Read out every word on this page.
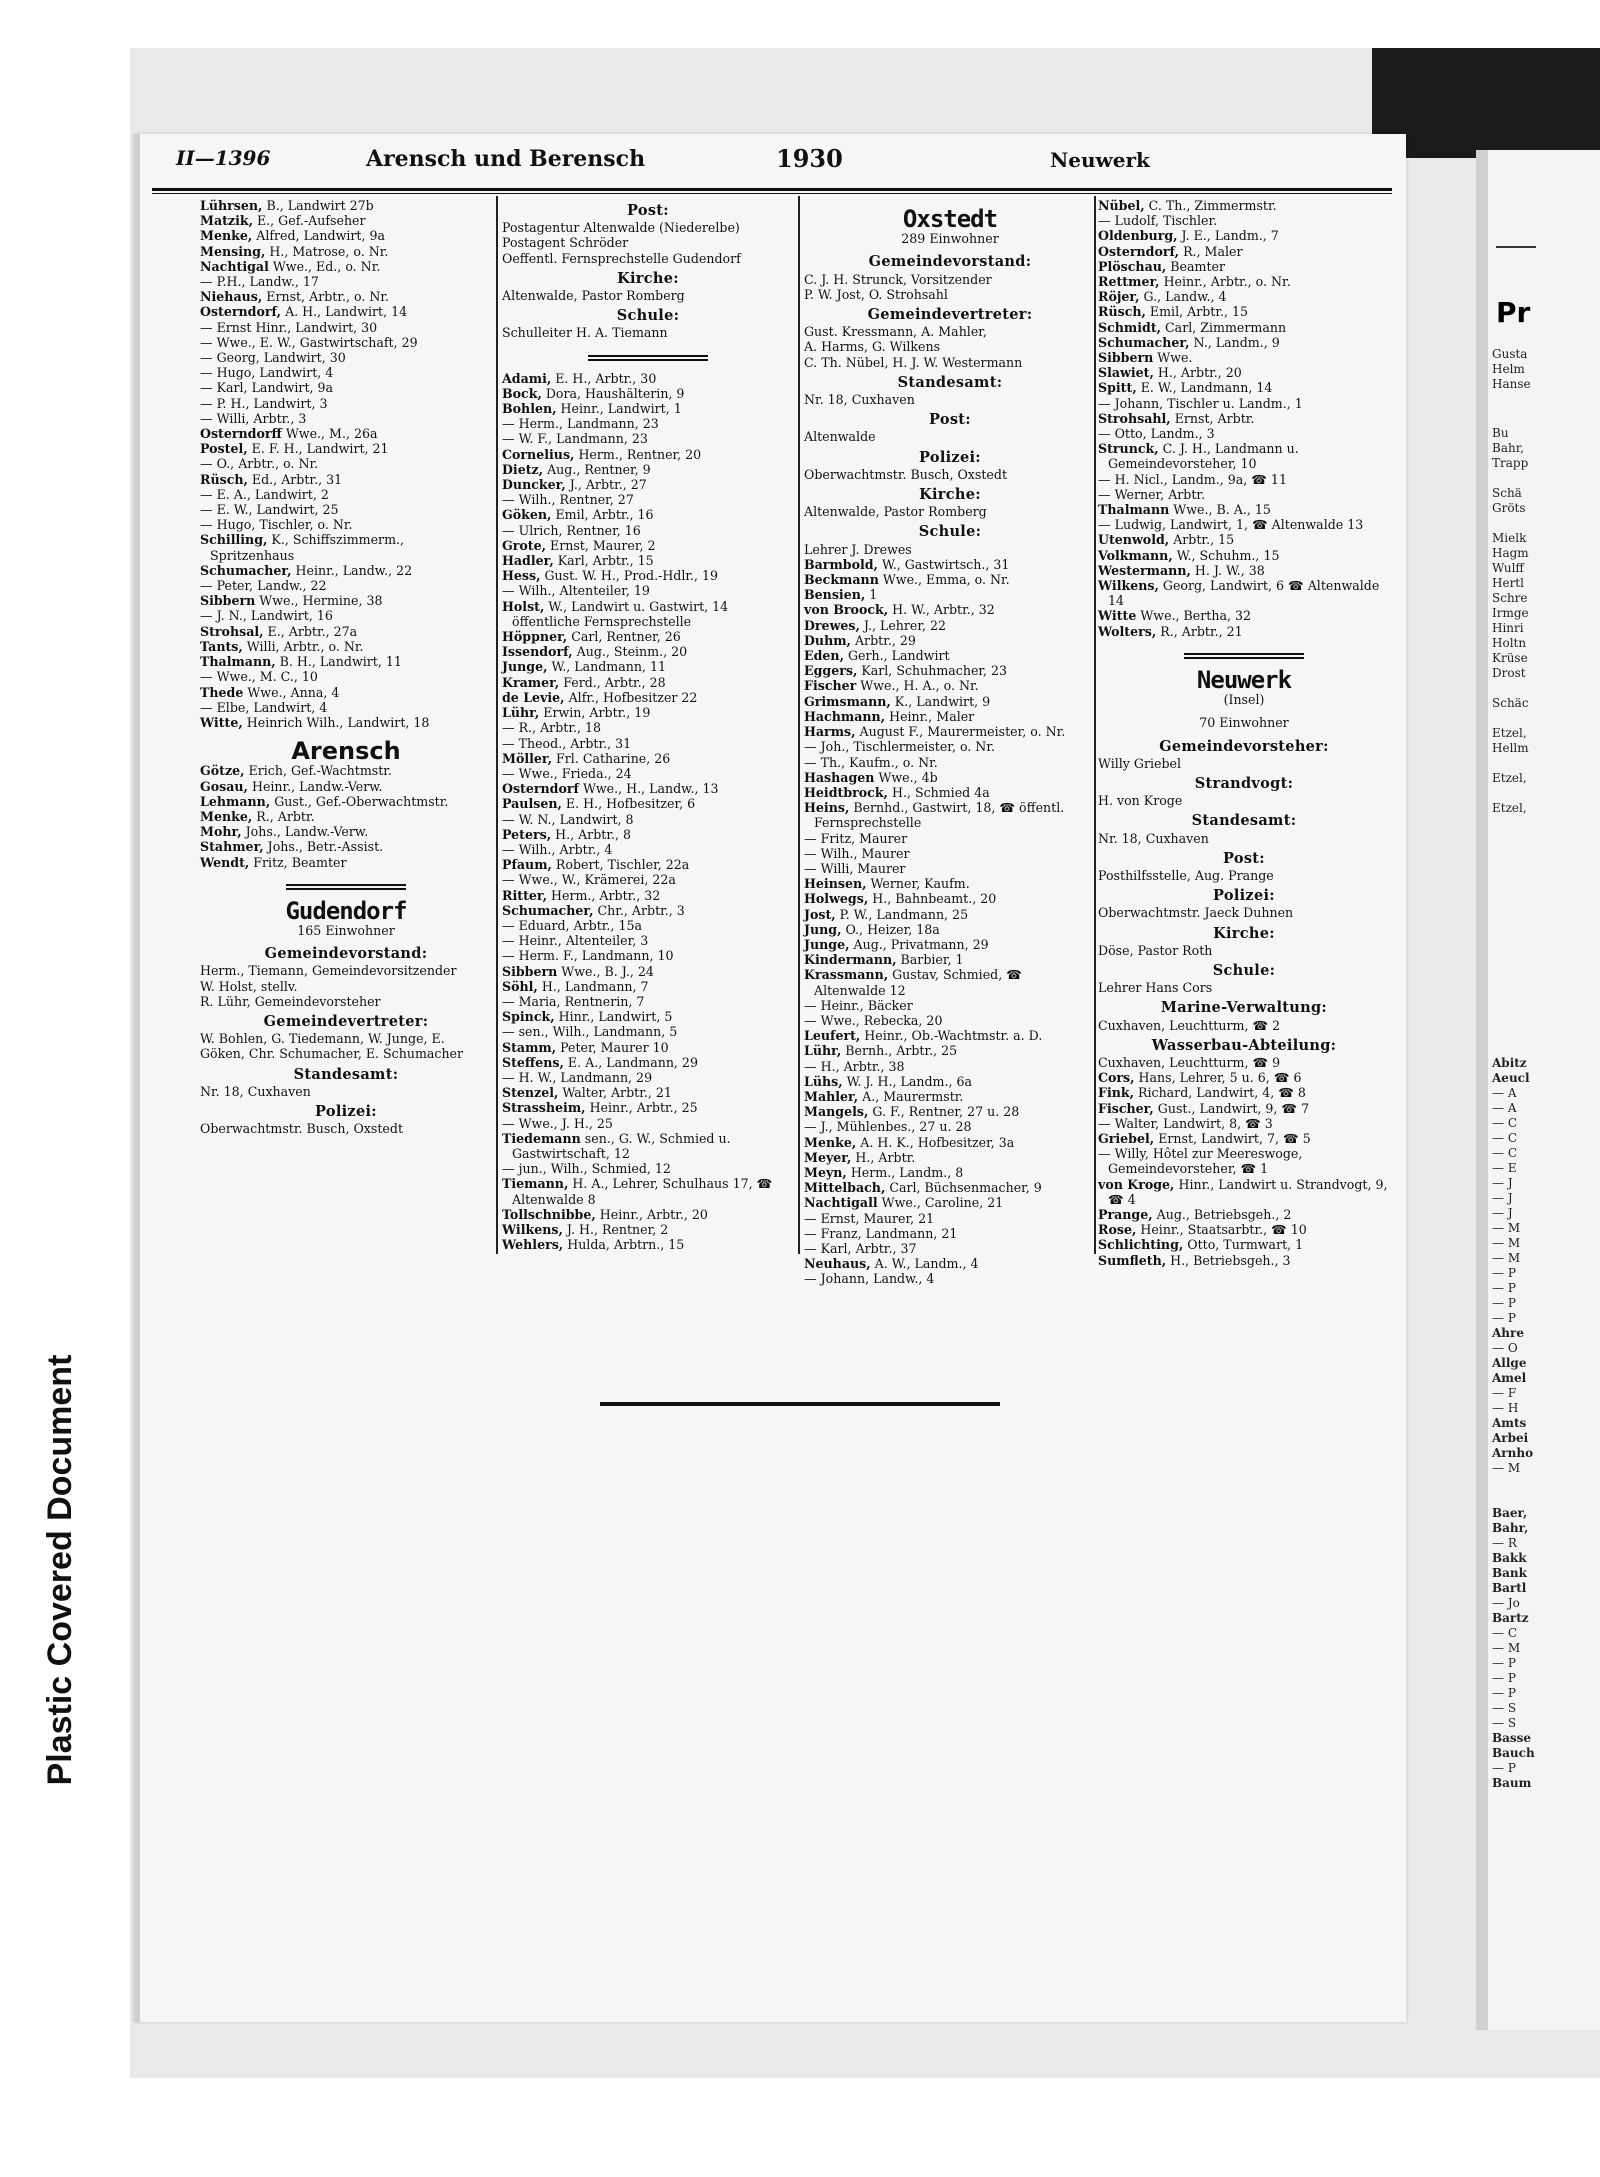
Plastic Covered Document
Pr
Gusta
Helm
Hanse
Bu
Bahr,
Trapp

Schä
Gröts

Mielk
Hagm
Wulff
Hertl
Schre
Irmge
Hinri
Holtn
Krüse
Drost

Schäc

Etzel,
Hellm

Etzel,

Etzel,
Abitz
Aeucl
— A
— A
— C
— C
— C
— E
— J
— J
— J
— M
— M
— M
— P
— P
— P
— P
Ahre
— O
Allge
Amel
— F
— H
Amts
Arbei
Arnho
— M

Baer,
Bahr,
— R
Bakk
Bank
Bartl
— Jo
Bartz
— C
— M
— P
— P
— P
— S
— S
Basse
Bauch
— P
Baum
II—1396	Arensch und Berensch	1930	Neuwerk

Lührsen, B., Landwirt 27b

Matzik, E., Gef.-Aufseher

Menke, Alfred, Landwirt, 9a

Mensing, H., Matrose, o. Nr.

Nachtigal Wwe., Ed., o. Nr.

— P.H., Landw., 17

Niehaus, Ernst, Arbtr., o. Nr.

Osterndorf, A. H., Landwirt, 14

— Ernst Hinr., Landwirt, 30

— Wwe., E. W., Gastwirtschaft, 29

— Georg, Landwirt, 30

— Hugo, Landwirt, 4

— Karl, Landwirt, 9a

— P. H., Landwirt, 3

— Willi, Arbtr., 3

Osterndorff Wwe., M., 26a

Postel, E. F. H., Landwirt, 21

— O., Arbtr., o. Nr.

Rüsch, Ed., Arbtr., 31

— E. A., Landwirt, 2

— E. W., Landwirt, 25

— Hugo, Tischler, o. Nr.

Schilling, K., Schiffszimmerm., Spritzenhaus

Schumacher, Heinr., Landw., 22

— Peter, Landw., 22

Sibbern Wwe., Hermine, 38

— J. N., Landwirt, 16

Strohsal, E., Arbtr., 27a

Tants, Willi, Arbtr., o. Nr.

Thalmann, B. H., Landwirt, 11

— Wwe., M. C., 10

Thede Wwe., Anna, 4

— Elbe, Landwirt, 4

Witte, Heinrich Wilh., Landwirt, 18

Arensch

Götze, Erich, Gef.-Wachtmstr.

Gosau, Heinr., Landw.-Verw.

Lehmann, Gust., Gef.-Oberwachtmstr.

Menke, R., Arbtr.

Mohr, Johs., Landw.-Verw.

Stahmer, Johs., Betr.-Assist.

Wendt, Fritz, Beamter

Gudendorf
165 Einwohner
Gemeindevorstand:

Herm., Tiemann, Gemeindevorsitzender

W. Holst, stellv.

R. Lühr, Gemeindevorsteher

Gemeindevertreter:

W. Bohlen, G. Tiedemann, W. Junge, E. Göken, Chr. Schumacher, E. Schumacher

Standesamt:

Nr. 18, Cuxhaven

Polizei:

Oberwachtmstr. Busch, Oxstedt

Post:

Postagentur Altenwalde (Niederelbe)

Postagent Schröder

Oeffentl. Fernsprechstelle Gudendorf

Kirche:

Altenwalde, Pastor Romberg

Schule:

Schulleiter H. A. Tiemann

Adami, E. H., Arbtr., 30

Bock, Dora, Haushälterin, 9

Bohlen, Heinr., Landwirt, 1

— Herm., Landmann, 23

— W. F., Landmann, 23

Cornelius, Herm., Rentner, 20

Dietz, Aug., Rentner, 9

Duncker, J., Arbtr., 27

— Wilh., Rentner, 27

Göken, Emil, Arbtr., 16

— Ulrich, Rentner, 16

Grote, Ernst, Maurer, 2

Hadler, Karl, Arbtr., 15

Hess, Gust. W. H., Prod.-Hdlr., 19

— Wilh., Altenteiler, 19

Holst, W., Landwirt u. Gastwirt, 14 öffentliche Fernsprechstelle

Höppner, Carl, Rentner, 26

Issendorf, Aug., Steinm., 20

Junge, W., Landmann, 11

Kramer, Ferd., Arbtr., 28

de Levie, Alfr., Hofbesitzer 22

Lühr, Erwin, Arbtr., 19

— R., Arbtr., 18

— Theod., Arbtr., 31

Möller, Frl. Catharine, 26

— Wwe., Frieda., 24

Osterndorf Wwe., H., Landw., 13

Paulsen, E. H., Hofbesitzer, 6

— W. N., Landwirt, 8

Peters, H., Arbtr., 8

— Wilh., Arbtr., 4

Pfaum, Robert, Tischler, 22a

— Wwe., W., Krämerei, 22a

Ritter, Herm., Arbtr., 32

Schumacher, Chr., Arbtr., 3

— Eduard, Arbtr., 15a

— Heinr., Altenteiler, 3

— Herm. F., Landmann, 10

Sibbern Wwe., B. J., 24

Söhl, H., Landmann, 7

— Maria, Rentnerin, 7

Spinck, Hinr., Landwirt, 5

— sen., Wilh., Landmann, 5

Stamm, Peter, Maurer 10

Steffens, E. A., Landmann, 29

— H. W., Landmann, 29

Stenzel, Walter, Arbtr., 21

Strassheim, Heinr., Arbtr., 25

— Wwe., J. H., 25

Tiedemann sen., G. W., Schmied u. Gastwirtschaft, 12

— jun., Wilh., Schmied, 12

Tiemann, H. A., Lehrer, Schulhaus 17, ☎ Altenwalde 8

Tollschnibbe, Heinr., Arbtr., 20

Wilkens, J. H., Rentner, 2

Wehlers, Hulda, Arbtrn., 15

Oxstedt
289 Einwohner
Gemeindevorstand:

C. J. H. Strunck, Vorsitzender

P. W. Jost, O. Strohsahl

Gemeindevertreter:

Gust. Kressmann, A. Mahler,

A. Harms, G. Wilkens

C. Th. Nübel, H. J. W. Westermann

Standesamt:

Nr. 18, Cuxhaven

Post:

Altenwalde

Polizei:

Oberwachtmstr. Busch, Oxstedt

Kirche:

Altenwalde, Pastor Romberg

Schule:

Lehrer J. Drewes

Barmbold, W., Gastwirtsch., 31

Beckmann Wwe., Emma, o. Nr.

Bensien, 1

von Broock, H. W., Arbtr., 32

Drewes, J., Lehrer, 22

Duhm, Arbtr., 29

Eden, Gerh., Landwirt

Eggers, Karl, Schuhmacher, 23

Fischer Wwe., H. A., o. Nr.

Grimsmann, K., Landwirt, 9

Hachmann, Heinr., Maler

Harms, August F., Maurermeister, o. Nr.

— Joh., Tischlermeister, o. Nr.

— Th., Kaufm., o. Nr.

Hashagen Wwe., 4b

Heidtbrock, H., Schmied 4a

Heins, Bernhd., Gastwirt, 18, ☎ öffentl. Fernsprechstelle

— Fritz, Maurer

— Wilh., Maurer

— Willi, Maurer

Heinsen, Werner, Kaufm.

Holwegs, H., Bahnbeamt., 20

Jost, P. W., Landmann, 25

Jung, O., Heizer, 18a

Junge, Aug., Privatmann, 29

Kindermann, Barbier, 1

Krassmann, Gustav, Schmied, ☎ Altenwalde 12

— Heinr., Bäcker

— Wwe., Rebecka, 20

Leufert, Heinr., Ob.-Wachtmstr. a. D.

Lühr, Bernh., Arbtr., 25

— H., Arbtr., 38

Lühs, W. J. H., Landm., 6a

Mahler, A., Maurermstr.

Mangels, G. F., Rentner, 27 u. 28

— J., Mühlenbes., 27 u. 28

Menke, A. H. K., Hofbesitzer, 3a

Meyer, H., Arbtr.

Meyn, Herm., Landm., 8

Mittelbach, Carl, Büchsenmacher, 9

Nachtigall Wwe., Caroline, 21

— Ernst, Maurer, 21

— Franz, Landmann, 21

— Karl, Arbtr., 37

Neuhaus, A. W., Landm., 4

— Johann, Landw., 4

Nübel, C. Th., Zimmermstr.

— Ludolf, Tischler.

Oldenburg, J. E., Landm., 7

Osterndorf, R., Maler

Plöschau, Beamter

Rettmer, Heinr., Arbtr., o. Nr.

Röjer, G., Landw., 4

Rüsch, Emil, Arbtr., 15

Schmidt, Carl, Zimmermann

Schumacher, N., Landm., 9

Sibbern Wwe.

Slawiet, H., Arbtr., 20

Spitt, E. W., Landmann, 14

— Johann, Tischler u. Landm., 1

Strohsahl, Ernst, Arbtr.

— Otto, Landm., 3

Strunck, C. J. H., Landmann u. Gemeindevorsteher, 10

— H. Nicl., Landm., 9a, ☎ 11

— Werner, Arbtr.

Thalmann Wwe., B. A., 15

— Ludwig, Landwirt, 1, ☎ Altenwalde 13

Utenwold, Arbtr., 15

Volkmann, W., Schuhm., 15

Westermann, H. J. W., 38

Wilkens, Georg, Landwirt, 6 ☎ Altenwalde 14

Witte Wwe., Bertha, 32

Wolters, R., Arbtr., 21

Neuwerk
(Insel)
70 Einwohner
Gemeindevorsteher:

Willy Griebel

Strandvogt:

H. von Kroge

Standesamt:

Nr. 18, Cuxhaven

Post:

Posthilfsstelle, Aug. Prange

Polizei:

Oberwachtmstr. Jaeck Duhnen

Kirche:

Döse, Pastor Roth

Schule:

Lehrer Hans Cors

Marine-Verwaltung:

Cuxhaven, Leuchtturm, ☎ 2

Wasserbau-Abteilung:

Cuxhaven, Leuchtturm, ☎ 9

Cors, Hans, Lehrer, 5 u. 6, ☎ 6

Fink, Richard, Landwirt, 4, ☎ 8

Fischer, Gust., Landwirt, 9, ☎ 7

— Walter, Landwirt, 8, ☎ 3

Griebel, Ernst, Landwirt, 7, ☎ 5

— Willy, Hôtel zur Meereswoge, Gemeindevorsteher, ☎ 1

von Kroge, Hinr., Landwirt u. Strandvogt, 9, ☎ 4

Prange, Aug., Betriebsgeh., 2

Rose, Heinr., Staatsarbtr., ☎ 10

Schlichting, Otto, Turmwart, 1

Sumfleth, H., Betriebsgeh., 3
